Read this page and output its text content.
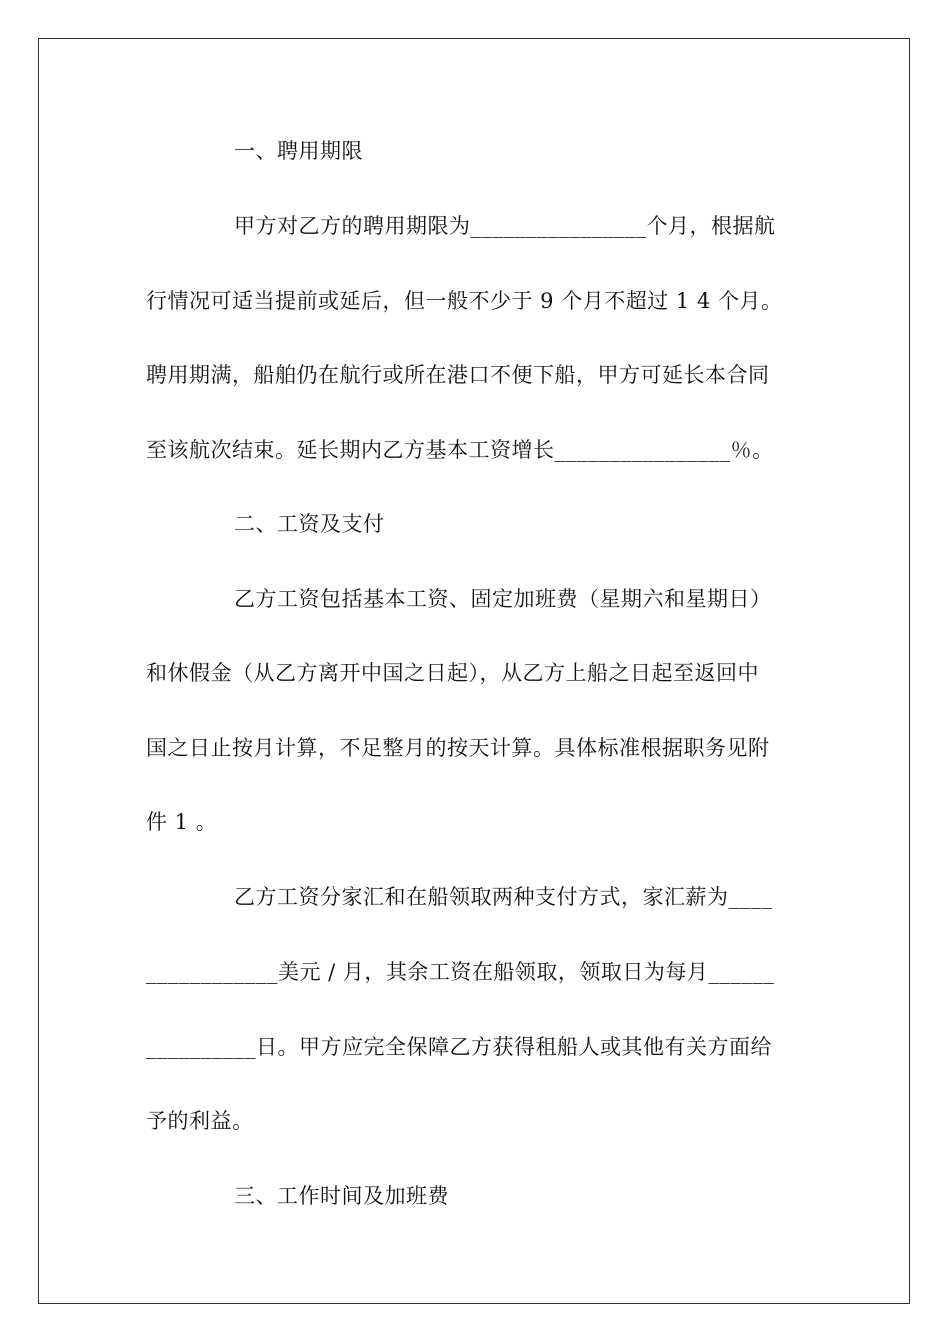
一、聘用期限
甲方对乙方的聘用期限为________________个月，根据航
行情况可适当提前或延后，但一般不少于 9 个月不超过 1 4 个月。
聘用期满，船舶仍在航行或所在港口不便下船，甲方可延长本合同
至该航次结束。延长期内乙方基本工资增长________________％。
二、工资及支付
乙方工资包括基本工资、固定加班费（星期六和星期日）
和休假金（从乙方离开中国之日起），从乙方上船之日起至返回中
国之日止按月计算，不足整月的按天计算。具体标准根据职务见附
件 1 。
乙方工资分家汇和在船领取两种支付方式，家汇薪为____
____________美元 / 月，其余工资在船领取，领取日为每月______
__________日。甲方应完全保障乙方获得租船人或其他有关方面给
予的利益。
三、工作时间及加班费
